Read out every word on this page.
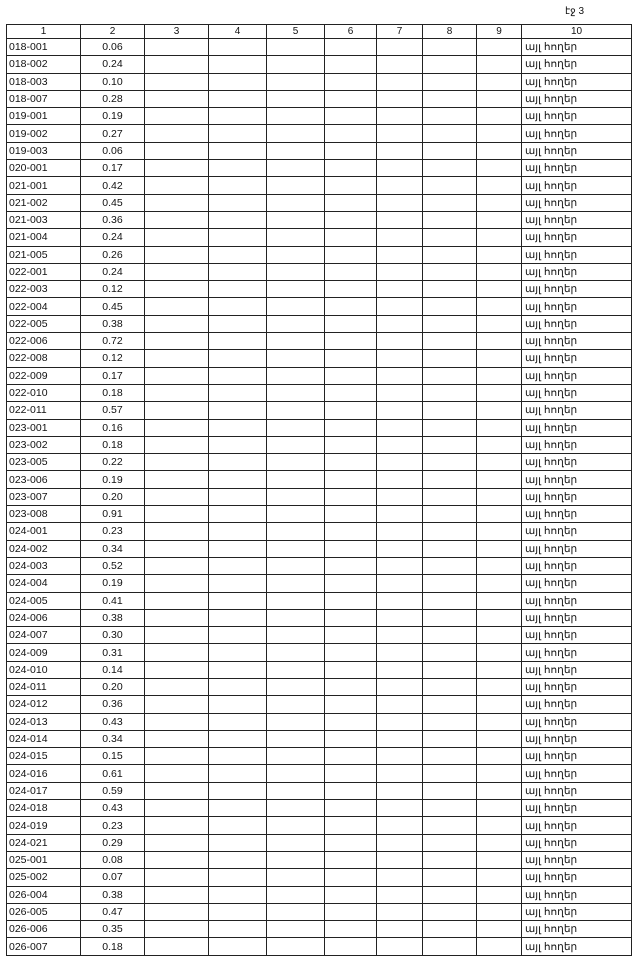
էջ 3
1	2	3	4	5	6	7	8	9	10
018-001	0.06								այլ հողեր
018-002	0.24								այլ հողեր
018-003	0.10								այլ հողեր
018-007	0.28								այլ հողեր
019-001	0.19								այլ հողեր
019-002	0.27								այլ հողեր
019-003	0.06								այլ հողեր
020-001	0.17								այլ հողեր
021-001	0.42								այլ հողեր
021-002	0.45								այլ հողեր
021-003	0.36								այլ հողեր
021-004	0.24								այլ հողեր
021-005	0.26								այլ հողեր
022-001	0.24								այլ հողեր
022-003	0.12								այլ հողեր
022-004	0.45								այլ հողեր
022-005	0.38								այլ հողեր
022-006	0.72								այլ հողեր
022-008	0.12								այլ հողեր
022-009	0.17								այլ հողեր
022-010	0.18								այլ հողեր
022-011	0.57								այլ հողեր
023-001	0.16								այլ հողեր
023-002	0.18								այլ հողեր
023-005	0.22								այլ հողեր
023-006	0.19								այլ հողեր
023-007	0.20								այլ հողեր
023-008	0.91								այլ հողեր
024-001	0.23								այլ հողեր
024-002	0.34								այլ հողեր
024-003	0.52								այլ հողեր
024-004	0.19								այլ հողեր
024-005	0.41								այլ հողեր
024-006	0.38								այլ հողեր
024-007	0.30								այլ հողեր
024-009	0.31								այլ հողեր
024-010	0.14								այլ հողեր
024-011	0.20								այլ հողեր
024-012	0.36								այլ հողեր
024-013	0.43								այլ հողեր
024-014	0.34								այլ հողեր
024-015	0.15								այլ հողեր
024-016	0.61								այլ հողեր
024-017	0.59								այլ հողեր
024-018	0.43								այլ հողեր
024-019	0.23								այլ հողեր
024-021	0.29								այլ հողեր
025-001	0.08								այլ հողեր
025-002	0.07								այլ հողեր
026-004	0.38								այլ հողեր
026-005	0.47								այլ հողեր
026-006	0.35								այլ հողեր
026-007	0.18								այլ հողեր
